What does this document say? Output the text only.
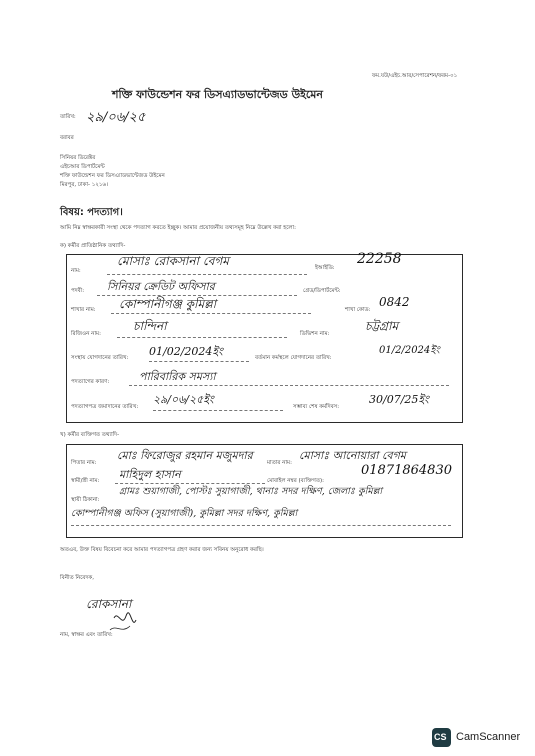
ফম.যউ/এইচ.আর/সেপারেশন/ফরম-০১
শক্তি ফাউন্ডেশন ফর ডিসএ্যাডভান্টেজড উইমেন
তারিখ: ২৯/০৬/২৫
বরাবর
সিনিয়র ডিরেক্টর
এইচআর ডিপার্টমেন্ট
শক্তি ফাউন্ডেশন ফর ডিসএ্যাডভান্টেজড উইমেন
মিরপুর, ঢাকা- ১২১৬।
বিষয়: পদত্যাগ।
আমি নিম্ন স্বাক্ষরকারী সংস্থা থেকে পদত্যাগ করতে ইচ্ছুক। আমার প্রয়োজনীয় তথ্যসমূহ নিম্নে উল্লেখ করা হলো:
ক) কর্মীর প্রাতিষ্ঠানিক তথ্যাদি-
নাম:
মোসাঃ রোকসানা বেগম	ইআইডি:
22258
পদবী: সিনিয়র ক্রেডিট অফিসার	গ্রেড/ডিপার্টমেন্ট:
শাখার নাম: কোম্পানীগঞ্জ কুমিল্লা	শাখা কোড:
0842
রিজিওন নাম:
চান্দিনা
ডিভিশন নাম:
চট্টগ্রাম
সংস্থায় যোগদানের তারিখ: 01/02/2024ইং	বর্তমান কর্মস্থলে যোগদানের তারিখ:
01/2/2024ইং
পদত্যাগের কারণ:	পারিবারিক সমস্যা
পদত্যাগপত্র জমাদানের তারিখ:
২৯/০৬/২৫ইং
সম্ভাব্য শেষ কর্মদিবস:
30/07/25ইং
খ) কর্মীর ব্যক্তিগত তথ্যাদি-
পিতার নাম:
মোঃ ফিরোজুর রহমান মজুমদার
মাতার নাম:
মোসাঃ আনোয়ারা বেগম
স্বামী/স্ত্রী নাম: মাহিদুল হাসান	মোবাইল নম্বর (ব্যক্তিগত):
01871864830
স্থায়ী ঠিকানা:
গ্রামঃ শুয়াগাজী, পোস্টঃ সুয়াগাজী, থানাঃ সদর দক্ষিণ, জেলাঃ কুমিল্লা
কোম্পানীগঞ্জ অফিস (সুয়াগাজী), কুমিল্লা সদর দক্ষিণ, কুমিল্লা
অতএব, উক্ত বিষয় বিবেচনা করে আমার পদত্যাগপত্র গ্রহণ করার জন্য সবিনয় অনুরোধ করছি।
বিনীত নিবেদক,
রোকসানা
নাম, স্বাক্ষর এবং তারিখ:
CS CamScanner
